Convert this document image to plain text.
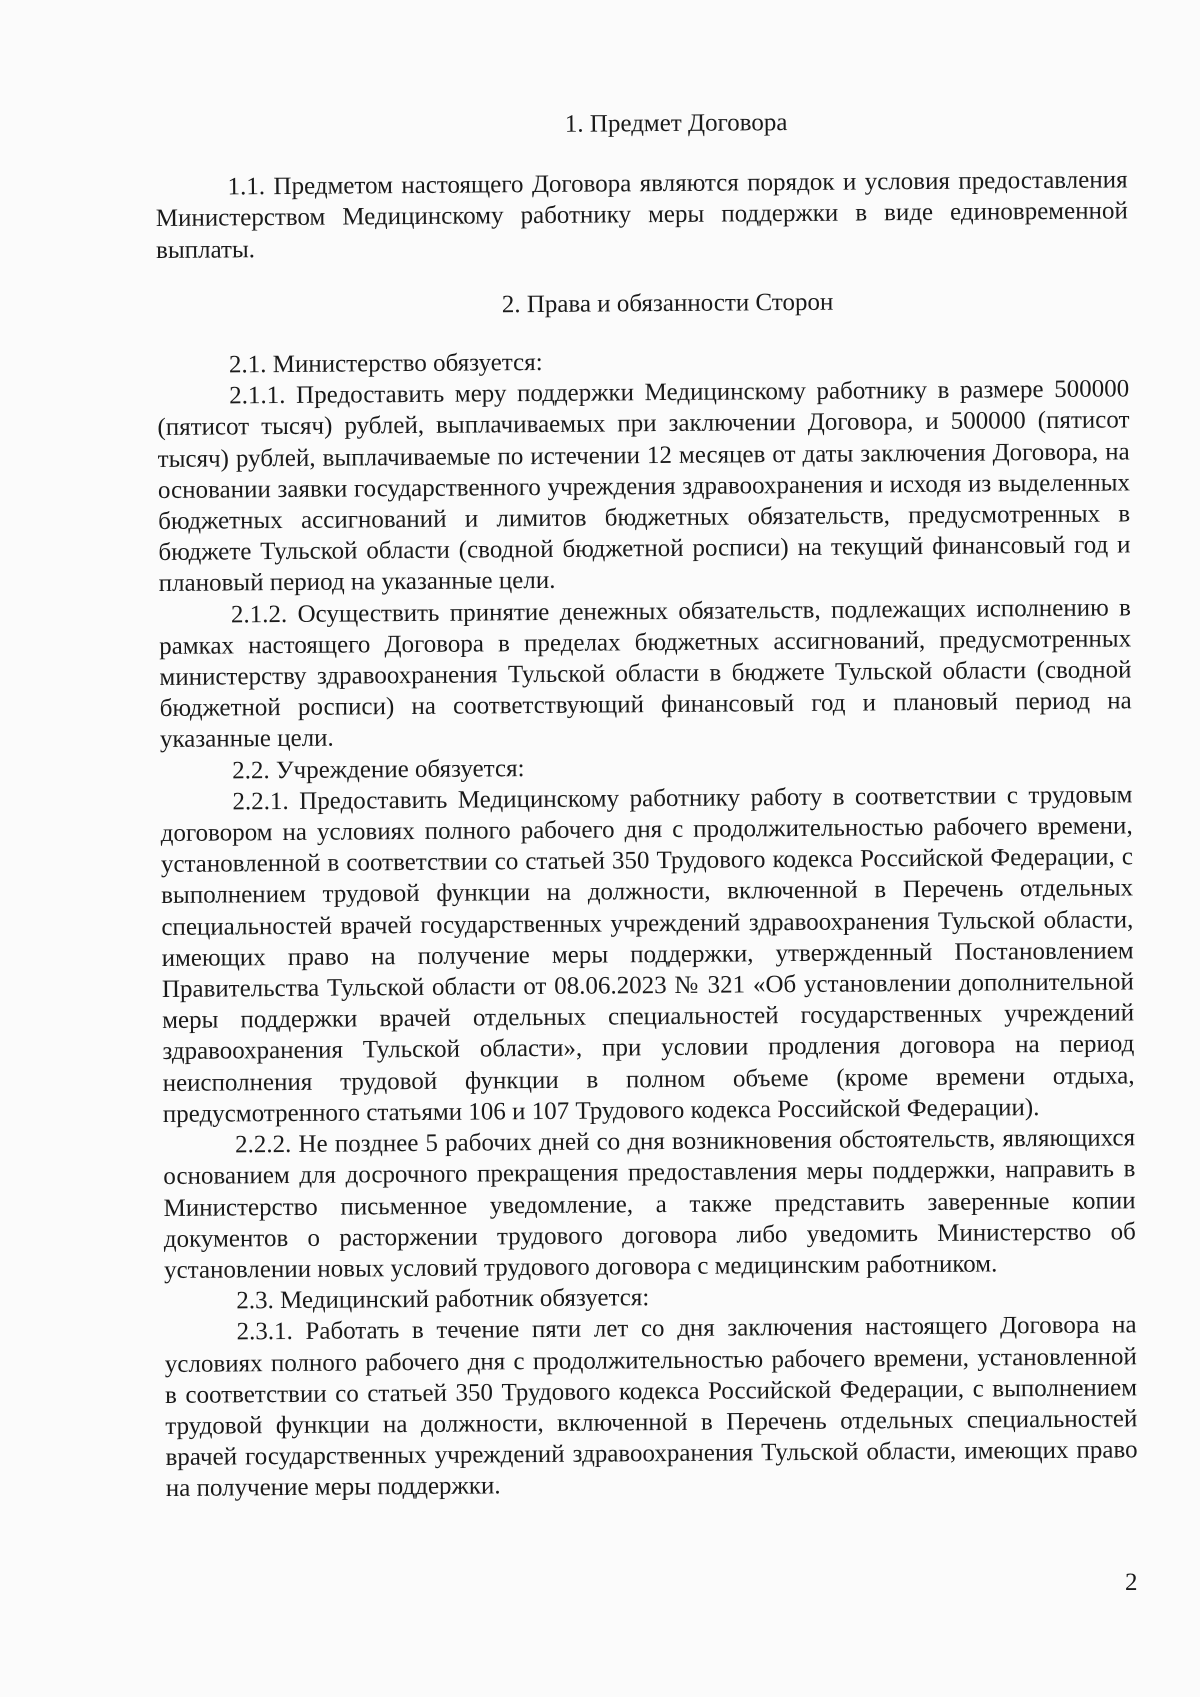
1. Предмет Договора

1.1. Предметом настоящего Договора являются порядок и условия предоставления Министерством Медицинскому работнику меры поддержки в виде единовременной выплаты.

2. Права и обязанности Сторон

2.1. Министерство обязуется:

2.1.1. Предоставить меру поддержки Медицинскому работнику в размере 500000 (пятисот тысяч) рублей, выплачиваемых при заключении Договора, и 500000 (пятисот тысяч) рублей, выплачиваемые по истечении 12 месяцев от даты заключения Договора, на основании заявки государственного учреждения здравоохранения и исходя из выделенных бюджетных ассигнований и лимитов бюджетных обязательств, предусмотренных в бюджете Тульской области (сводной бюджетной росписи) на текущий финансовый год и плановый период на указанные цели.

2.1.2. Осуществить принятие денежных обязательств, подлежащих исполнению в рамках настоящего Договора в пределах бюджетных ассигнований, предусмотренных министерству здравоохранения Тульской области в бюджете Тульской области (сводной бюджетной росписи) на соответствующий финансовый год и плановый период на указанные цели.

2.2. Учреждение обязуется:

2.2.1. Предоставить Медицинскому работнику работу в соответствии с трудовым договором на условиях полного рабочего дня с продолжительностью рабочего времени, установленной в соответствии со статьей 350 Трудового кодекса Российской Федерации, с выполнением трудовой функции на должности, включенной в Перечень отдельных специальностей врачей государственных учреждений здравоохранения Тульской области, имеющих право на получение меры поддержки, утвержденный Постановлением Правительства Тульской области от 08.06.2023 № 321 «Об установлении дополнительной меры поддержки врачей отдельных специальностей государственных учреждений здравоохранения Тульской области», при условии продления договора на период неисполнения трудовой функции в полном объеме (кроме времени отдыха, предусмотренного статьями 106 и 107 Трудового кодекса Российской Федерации).

2.2.2. Не позднее 5 рабочих дней со дня возникновения обстоятельств, являющихся основанием для досрочного прекращения предоставления меры поддержки, направить в Министерство письменное уведомление, а также представить заверенные копии документов о расторжении трудового договора либо уведомить Министерство об установлении новых условий трудового договора с медицинским работником.

2.3. Медицинский работник обязуется:

2.3.1. Работать в течение пяти лет со дня заключения настоящего Договора на условиях полного рабочего дня с продолжительностью рабочего времени, установленной в соответствии со статьей 350 Трудового кодекса Российской Федерации, с выполнением трудовой функции на должности, включенной в Перечень отдельных специальностей врачей государственных учреждений здравоохранения Тульской области, имеющих право на получение меры поддержки.

2
